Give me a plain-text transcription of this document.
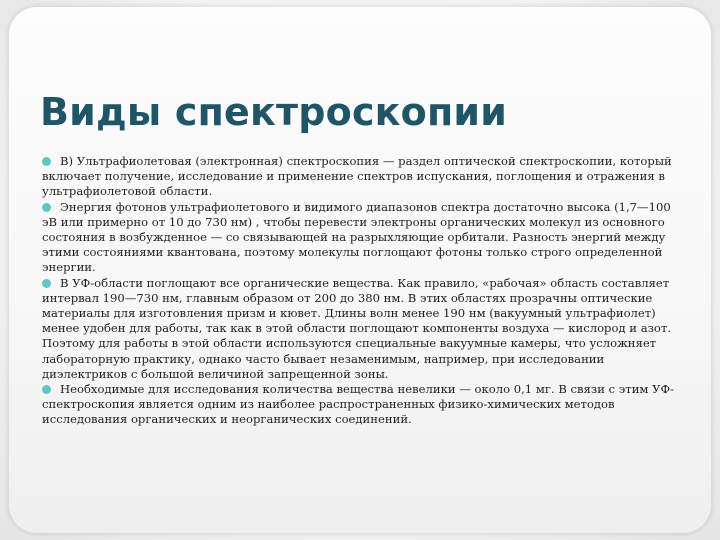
Виды спектроскопии
В) Ультрафиолетовая (электронная) спектроскопия — раздел оптической спектроскопии, который включает получение, исследование и применение спектров испускания, поглощения и отражения в ультрафиолетовой области.
Энергия фотонов ультрафиолетового и видимого диапазонов спектра достаточно высока (1,7—100 эВ или примерно от 10 до 730 нм) , чтобы перевести электроны органических молекул из основного состояния в возбужденное — со связывающей на разрыхляющие орбитали. Разность энергий между этими состояниями квантована, поэтому молекулы поглощают фотоны только строго определенной энергии.
В УФ-области поглощают все органические вещества. Как правило, «рабочая» область составляет интервал 190—730 нм, главным образом от 200 до 380 нм. В этих областях прозрачны оптические материалы для изготовления призм и кювет. Длины волн менее 190 нм (вакуумный ультрафиолет) менее удобен для работы, так как в этой области поглощают компоненты воздуха — кислород и азот. Поэтому для работы в этой области используются специальные вакуумные камеры, что усложняет лабораторную практику, однако часто бывает незаменимым, например, при исследовании диэлектриков с большой величиной запрещенной зоны.
Необходимые для исследования количества вещества невелики — около 0,1 мг. В связи с этим УФ-спектроскопия является одним из наиболее распространенных физико-химических методов исследования органических и неорганических соединений.
